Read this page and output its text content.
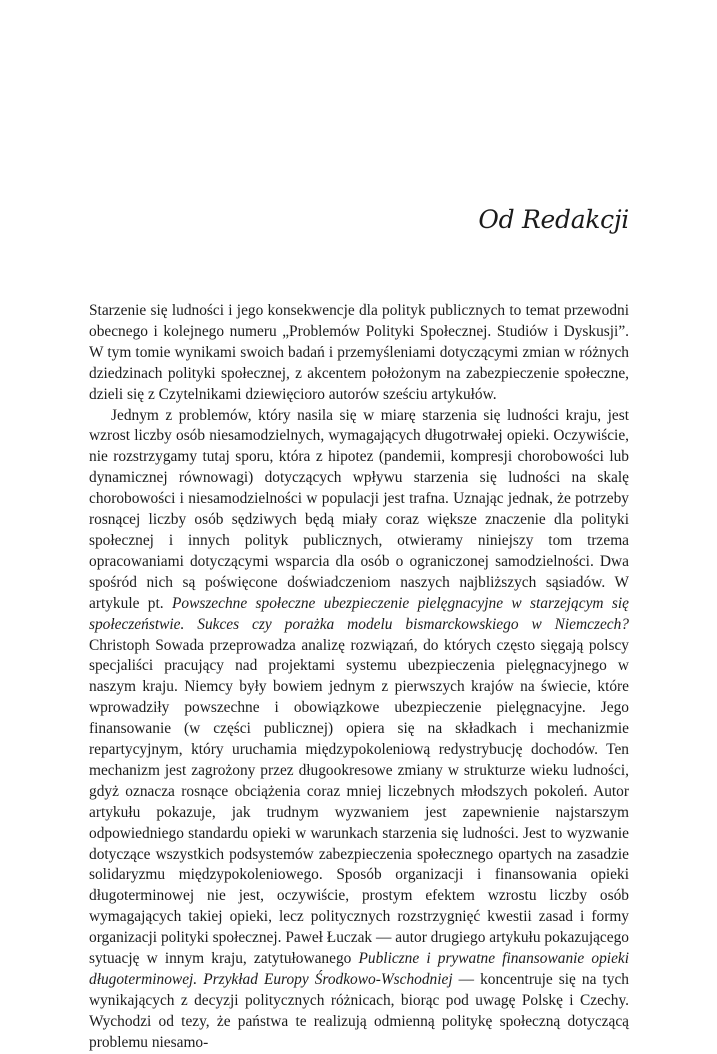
Od Redakcji

Starzenie się ludności i jego konsekwencje dla polityk publicznych to temat przewodni obecnego i kolejnego numeru „Problemów Polityki Społecznej. Studiów i Dyskusji”. W tym tomie wynikami swoich badań i przemyśleniami dotyczącymi zmian w różnych dziedzinach polityki społecznej, z akcentem położonym na zabezpieczenie społeczne, dzieli się z Czytelnikami dziewięcioro autorów sześciu artykułów.

Jednym z problemów, który nasila się w miarę starzenia się ludności kraju, jest wzrost liczby osób niesamodzielnych, wymagających długotrwałej opieki. Oczywiście, nie rozstrzygamy tutaj sporu, która z hipotez (pandemii, kompresji chorobowości lub dynamicznej równowagi) dotyczących wpływu starzenia się ludności na skalę chorobowości i niesamodzielności w populacji jest trafna. Uznając jednak, że potrzeby rosnącej liczby osób sędziwych będą miały coraz większe znaczenie dla polityki społecznej i innych polityk publicznych, otwieramy niniejszy tom trzema opracowaniami dotyczącymi wsparcia dla osób o ograniczonej samodzielności. Dwa spośród nich są poświęcone doświadczeniom naszych najbliższych sąsiadów. W artykule pt. Powszechne społeczne ubezpieczenie pielęgnacyjne w starzejącym się społeczeństwie. Sukces czy porażka modelu bismarckowskiego w Niemczech? Christoph Sowada przeprowadza analizę rozwiązań, do których często sięgają polscy specjaliści pracujący nad projektami systemu ubezpieczenia pielęgnacyjnego w naszym kraju. Niemcy były bowiem jednym z pierwszych krajów na świecie, które wprowadziły powszechne i obowiązkowe ubezpieczenie pielęgnacyjne. Jego finansowanie (w części publicznej) opiera się na składkach i mechanizmie repartycyjnym, który uruchamia międzypokoleniową redystrybucję dochodów. Ten mechanizm jest zagrożony przez długookresowe zmiany w strukturze wieku ludności, gdyż oznacza rosnące obciążenia coraz mniej liczebnych młodszych pokoleń. Autor artykułu pokazuje, jak trudnym wyzwaniem jest zapewnienie najstarszym odpowiedniego standardu opieki w warunkach starzenia się ludności. Jest to wyzwanie dotyczące wszystkich podsystemów zabezpieczenia społecznego opartych na zasadzie solidaryzmu międzypokoleniowego. Sposób organizacji i finansowania opieki długoterminowej nie jest, oczywiście, prostym efektem wzrostu liczby osób wymagających takiej opieki, lecz politycznych rozstrzygnięć kwestii zasad i formy organizacji polityki społecznej. Paweł Łuczak — autor drugiego artykułu pokazującego sytuację w innym kraju, zatytułowanego Publiczne i prywatne finansowanie opieki długoterminowej. Przykład Europy Środkowo-Wschodniej — koncentruje się na tych wynikających z decyzji politycznych różnicach, biorąc pod uwagę Polskę i Czechy. Wychodzi od tezy, że państwa te realizują odmienną politykę społeczną dotyczącą problemu niesamo-
